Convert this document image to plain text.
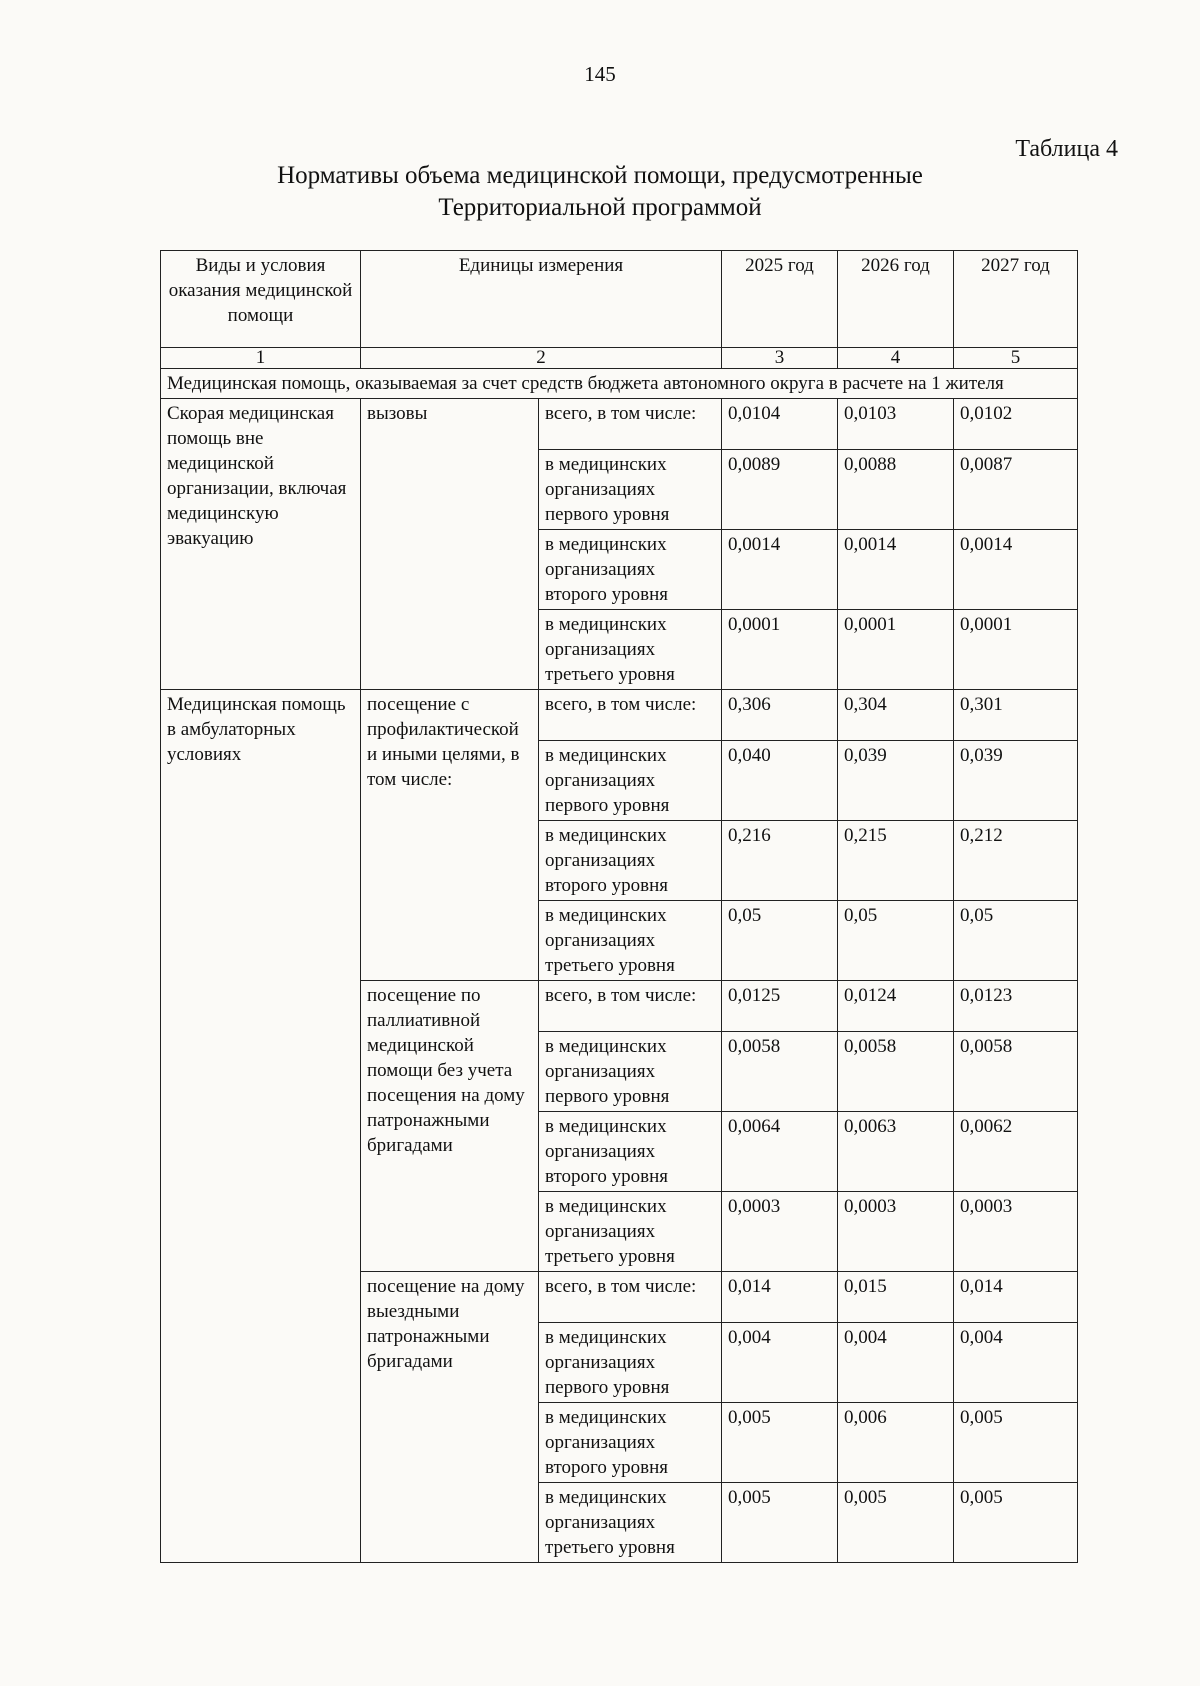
145
Таблица 4
Нормативы объема медицинской помощи, предусмотренные
Территориальной программой
Виды и условия оказания медицинской помощи	Единицы измерения		2025 год	2026 год	2027 год
1	2		3	4	5
Медицинская помощь, оказываемая за счет средств бюджета автономного округа в расчете на 1 жителя					
Скорая медицинская помощь вне медицинской организации, включая медицинскую эвакуацию	вызовы	всего, в том числе:	0,0104	0,0103	0,0102
		в медицинских организациях первого уровня	0,0089	0,0088	0,0087
		в медицинских организациях второго уровня	0,0014	0,0014	0,0014
		в медицинских организациях третьего уровня	0,0001	0,0001	0,0001
Медицинская помощь в амбулаторных условиях	посещение с профилактической и иными целями, в том числе:	всего, в том числе:	0,306	0,304	0,301
		в медицинских организациях первого уровня	0,040	0,039	0,039
		в медицинских организациях второго уровня	0,216	0,215	0,212
		в медицинских организациях третьего уровня	0,05	0,05	0,05
	посещение по паллиативной медицинской помощи без учета посещения на дому патронажными бригадами	всего, в том числе:	0,0125	0,0124	0,0123
		в медицинских организациях первого уровня	0,0058	0,0058	0,0058
		в медицинских организациях второго уровня	0,0064	0,0063	0,0062
		в медицинских организациях третьего уровня	0,0003	0,0003	0,0003
	посещение на дому выездными патронажными бригадами	всего, в том числе:	0,014	0,015	0,014
		в медицинских организациях первого уровня	0,004	0,004	0,004
		в медицинских организациях второго уровня	0,005	0,006	0,005
		в медицинских организациях третьего уровня	0,005	0,005	0,005
